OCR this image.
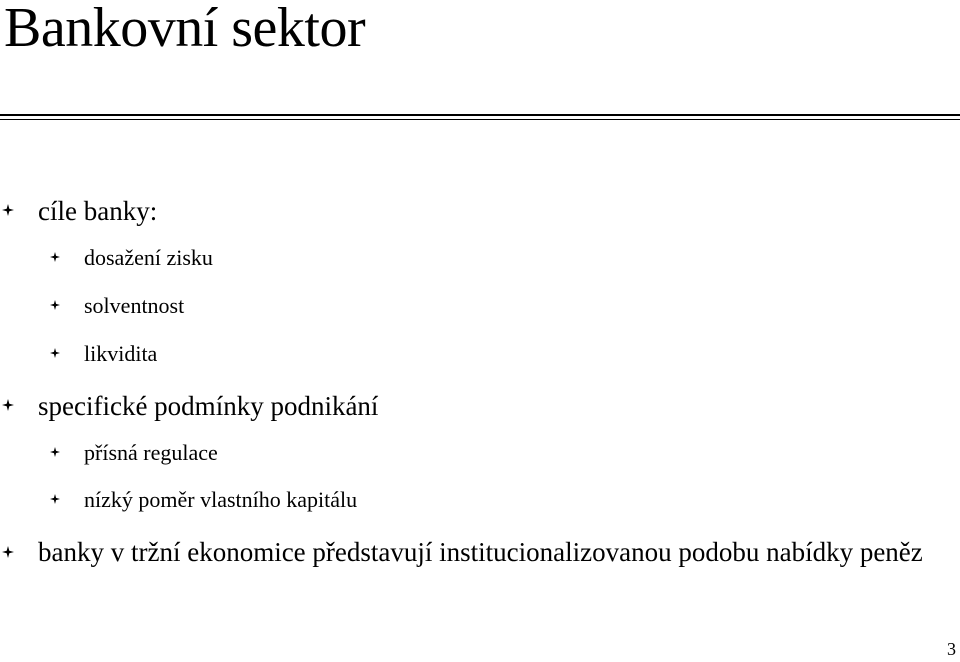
Bankovní sektor
cíle banky:
dosažení zisku
solventnost
likvidita
specifické podmínky podnikání
přísná regulace
nízký poměr vlastního kapitálu
banky v tržní ekonomice představují institucionalizovanou podobu nabídky peněz
3
